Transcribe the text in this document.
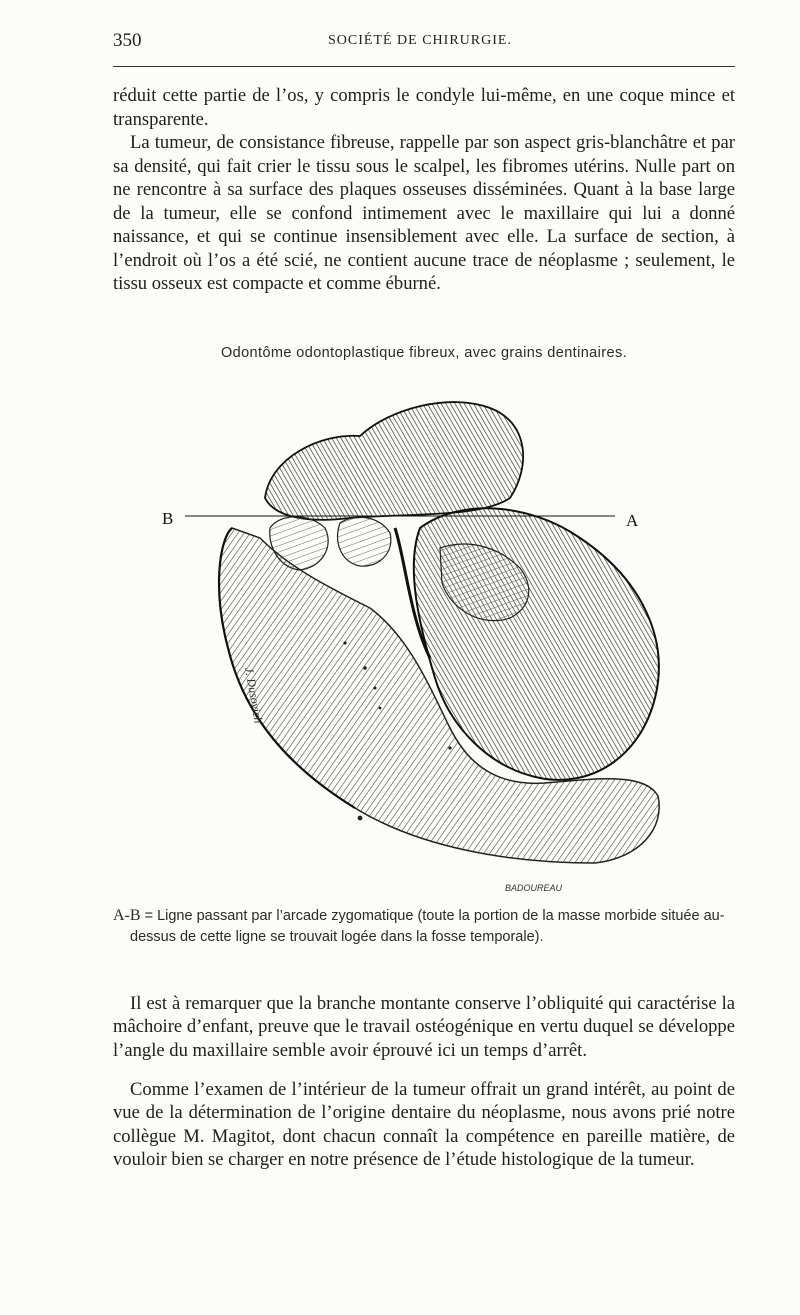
350	SOCIÉTÉ DE CHIRURGIE.

réduit cette partie de l’os, y compris le condyle lui-même, en une coque mince et transparente.

La tumeur, de consistance fibreuse, rappelle par son aspect gris-blanchâtre et par sa densité, qui fait crier le tissu sous le scalpel, les fibromes utérins. Nulle part on ne rencontre à sa surface des plaques osseuses disséminées. Quant à la base large de la tumeur, elle se confond intimement avec le maxillaire qui lui a donné naissance, et qui se continue insensiblement avec elle. La surface de section, à l’endroit où l’os a été scié, ne contient aucune trace de néoplasme ; seulement, le tissu osseux est compacte et comme éburné.

Odontôme odontoplastique fibreux, avec grains dentinaires.
B	A
J. Dusovich
BADOUREAU

A-B = Ligne passant par l’arcade zygomatique (toute la portion de la masse morbide située au-dessus de cette ligne se trouvait logée dans la fosse temporale).

Il est à remarquer que la branche montante conserve l’obliquité qui caractérise la mâchoire d’enfant, preuve que le travail ostéogénique en vertu duquel se développe l’angle du maxillaire semble avoir éprouvé ici un temps d’arrêt.

Comme l’examen de l’intérieur de la tumeur offrait un grand intérêt, au point de vue de la détermination de l’origine dentaire du néoplasme, nous avons prié notre collègue M. Magitot, dont chacun connaît la compétence en pareille matière, de vouloir bien se charger en notre présence de l’étude histologique de la tumeur.
